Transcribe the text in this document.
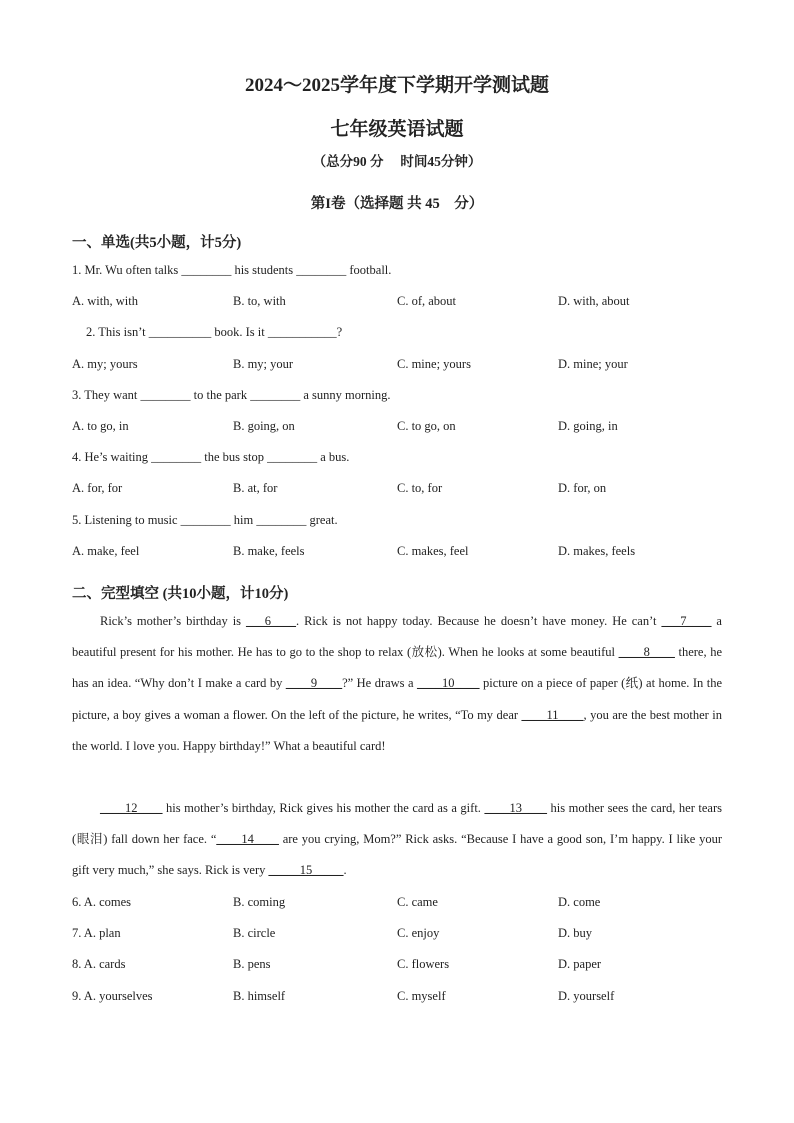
2024～2025学年度下学期开学测试题
七年级英语试题
（总分90 分　 时间45分钟）
第I卷（选择题 共 45　分）
一、单选(共5小题，计5分)
1. Mr. Wu often talks ________ his students ________ football.
A. with, with	B. to, with	C. of, about	D. with, about
2. This isn’t __________ book. Is it ___________?
A. my; yours	B. my; your	C. mine; yours	D. mine; your
3. They want ________ to the park ________ a sunny morning.
A. to go, in	B. going, on	C. to go, on	D. going, in
4. He’s waiting ________ the bus stop ________ a bus.
A. for, for	B. at, for	C. to, for	D. for, on
5. Listening to music ________ him ________ great.
A. make, feel	B. make, feels	C. makes, feel	D. makes, feels
二、完型填空 (共10小题，计10分)
Rick’s mother’s birthday is ___6____. Rick is not happy today. Because he doesn’t have money. He can’t ___7____ a beautiful present for his mother. He has to go to the shop to relax (放松). When he looks at some beautiful ____8____ there, he has an idea. “Why don’t I make a card by ____9____?” He draws a ____10____ picture on a piece of paper (纸) at home. In the picture, a boy gives a woman a flower. On the left of the picture, he writes, “To my dear ____11____, you are the best mother in the world. I love you. Happy birthday!” What a beautiful card!
____12____ his mother’s birthday, Rick gives his mother the card as a gift. ____13____ his mother sees the card, her tears (眼泪) fall down her face. “____14____ are you crying, Mom?” Rick asks. “Because I have a good son, I’m happy. I like your gift very much,” she says. Rick is very _____15_____.
6. A. comes	B. coming	C. came	D. come
7. A. plan	B. circle	C. enjoy	D. buy
8. A. cards	B. pens	C. flowers	D. paper
9. A. yourselves	B. himself	C. myself	D. yourself
